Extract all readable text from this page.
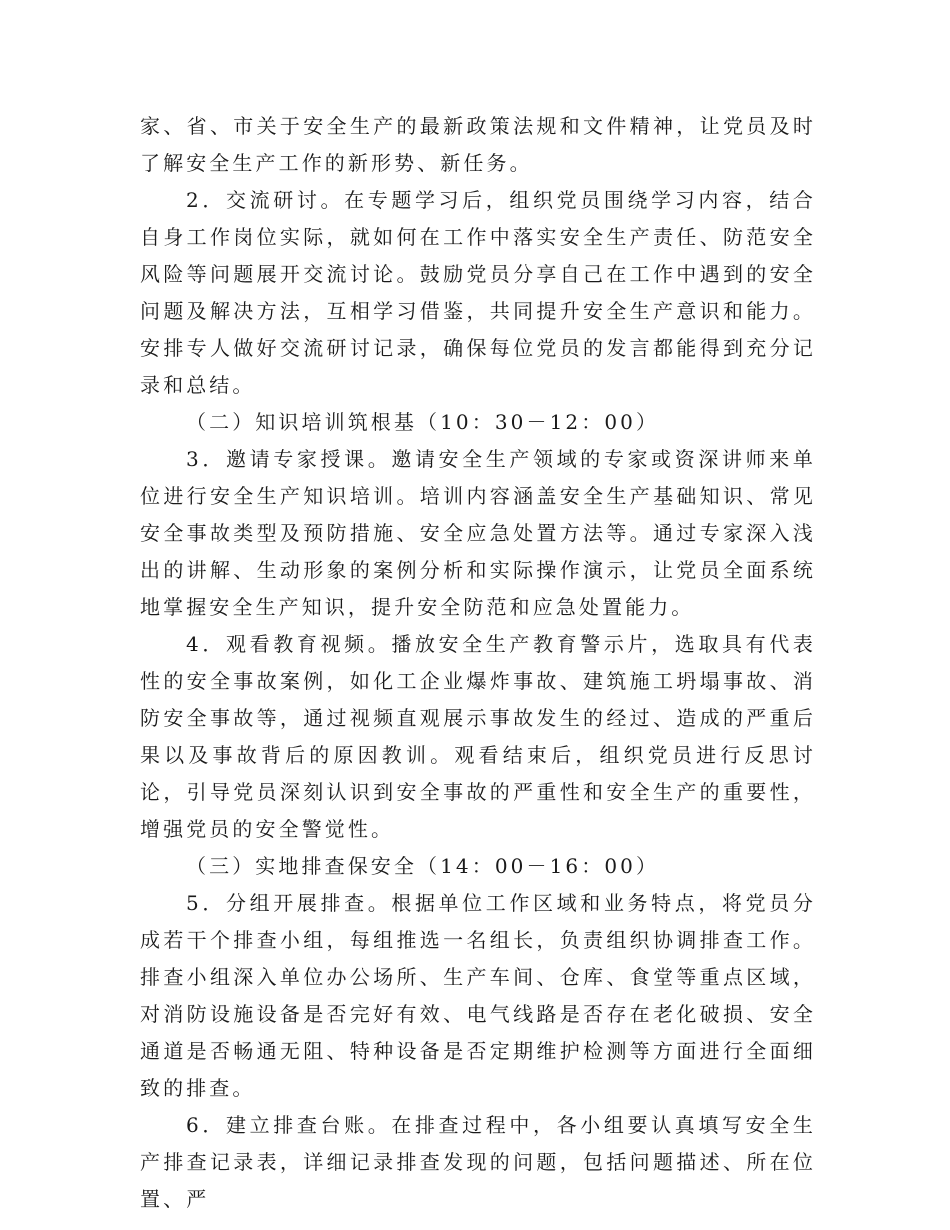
家、省、市关于安全生产的最新政策法规和文件精神，让党员及时了解安全生产工作的新形势、新任务。

2．交流研讨。在专题学习后，组织党员围绕学习内容，结合自身工作岗位实际，就如何在工作中落实安全生产责任、防范安全风险等问题展开交流讨论。鼓励党员分享自己在工作中遇到的安全问题及解决方法，互相学习借鉴，共同提升安全生产意识和能力。安排专人做好交流研讨记录，确保每位党员的发言都能得到充分记录和总结。

（二）知识培训筑根基（10：30－12：00）

3．邀请专家授课。邀请安全生产领域的专家或资深讲师来单位进行安全生产知识培训。培训内容涵盖安全生产基础知识、常见安全事故类型及预防措施、安全应急处置方法等。通过专家深入浅出的讲解、生动形象的案例分析和实际操作演示，让党员全面系统地掌握安全生产知识，提升安全防范和应急处置能力。

4．观看教育视频。播放安全生产教育警示片，选取具有代表性的安全事故案例，如化工企业爆炸事故、建筑施工坍塌事故、消防安全事故等，通过视频直观展示事故发生的经过、造成的严重后果以及事故背后的原因教训。观看结束后，组织党员进行反思讨论，引导党员深刻认识到安全事故的严重性和安全生产的重要性，增强党员的安全警觉性。

（三）实地排查保安全（14：00－16：00）

5．分组开展排查。根据单位工作区域和业务特点，将党员分成若干个排查小组，每组推选一名组长，负责组织协调排查工作。排查小组深入单位办公场所、生产车间、仓库、食堂等重点区域，对消防设施设备是否完好有效、电气线路是否存在老化破损、安全通道是否畅通无阻、特种设备是否定期维护检测等方面进行全面细致的排查。

6．建立排查台账。在排查过程中，各小组要认真填写安全生产排查记录表，详细记录排查发现的问题，包括问题描述、所在位置、严
